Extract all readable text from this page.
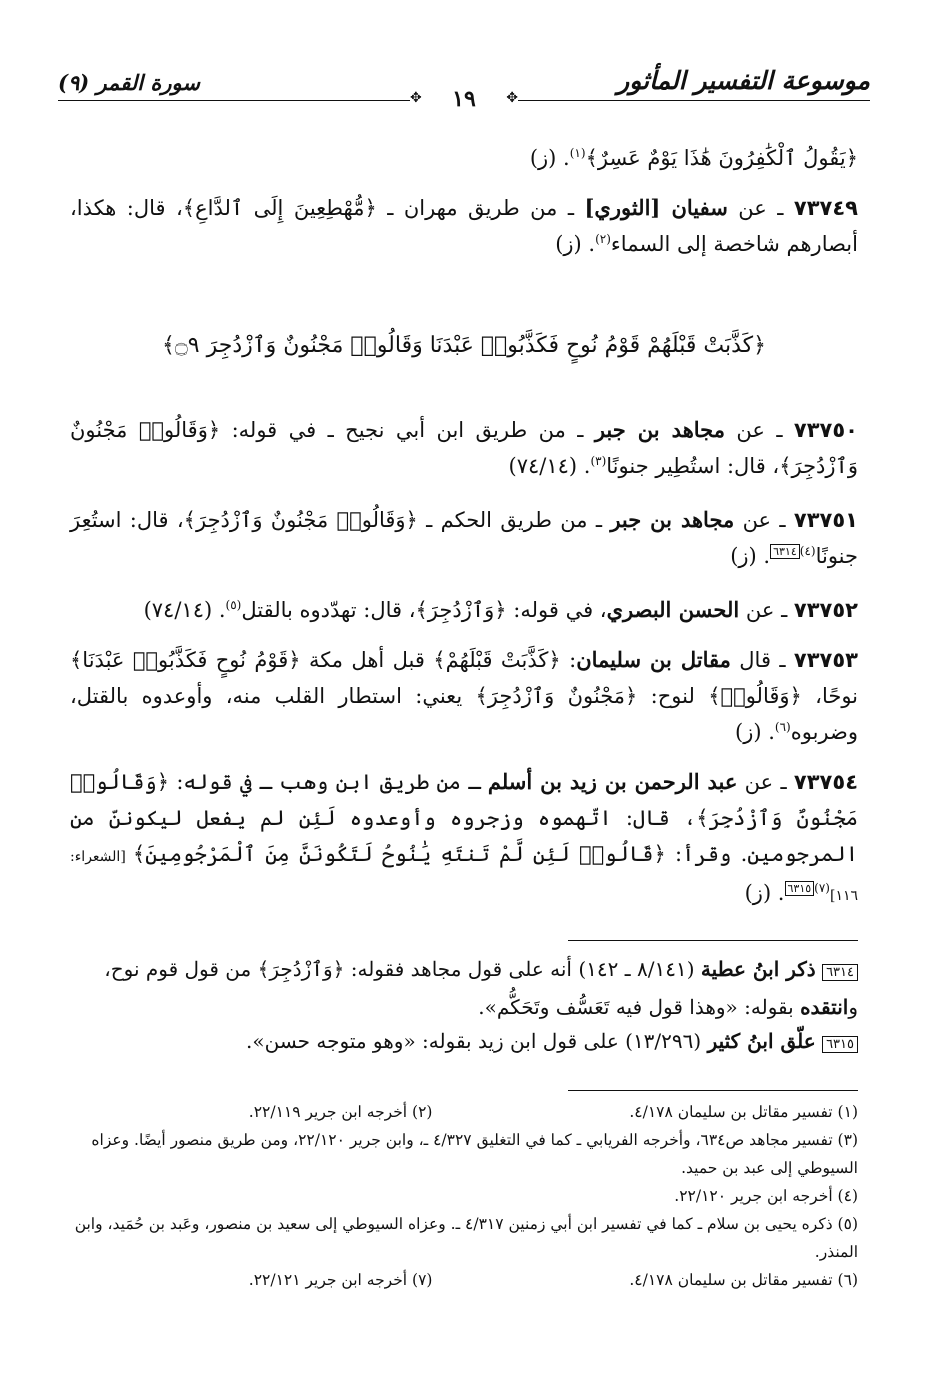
موسوعة التفسير المأثور
سورة القمر (٩)
✥	✥
١٩

﴿يَقُولُ ٱلْكَٰفِرُونَ هَٰذَا يَوْمٌ عَسِرٌ﴾$^{(١)}$. (ز)

٧٣٧٤٩ ـ عن سفيان [الثوري] ـ من طريق مهران ـ ﴿مُّهْطِعِينَ إِلَى ٱلدَّاعِ﴾، قال: هكذا، أبصارهم شاخصة إلى السماء$^{(٢)}$. (ز)

﴿كَذَّبَتْ قَبْلَهُمْ قَوْمُ نُوحٍ فَكَذَّبُوا۟ عَبْدَنَا وَقَالُوا۟ مَجْنُونٌ وَٱزْدُجِرَ ۝٩﴾

٧٣٧٥٠ ـ عن مجاهد بن جبر ـ من طريق ابن أبي نجيح ـ في قوله: ﴿وَقَالُوا۟ مَجْنُونٌ وَٱزْدُجِرَ﴾، قال: استُطِير جنونًا$^{(٣)}$. (٧٤/١٤)

٧٣٧٥١ ـ عن مجاهد بن جبر ـ من طريق الحكم ـ ﴿وَقَالُوا۟ مَجْنُونٌ وَٱزْدُجِرَ﴾، قال: استُعِرَ جنونًا$^{(٤)٦٣١٤}$. (ز)

٧٣٧٥٢ ـ عن الحسن البصري، في قوله: ﴿وَٱزْدُجِرَ﴾، قال: تهدّدوه بالقتل$^{(٥)}$. (٧٤/١٤)

٧٣٧٥٣ ـ قال مقاتل بن سليمان: ﴿كَذَّبَتْ قَبْلَهُمْ﴾ قبل أهل مكة ﴿قَوْمُ نُوحٍ فَكَذَّبُوا۟ عَبْدَنَا﴾ نوحًا، ﴿وَقَالُوا۟﴾ لنوح: ﴿مَجْنُونٌ وَٱزْدُجِرَ﴾ يعني: استطار القلب منه، وأوعدوه بالقتل، وضربوه$^{(٦)}$. (ز)

٧٣٧٥٤ ـ عن عبد الرحمن بن زيد بن أسلم ـ من طريق ابن وهب ـ في قوله: ﴿وَقَالُوا۟ مَجْنُونٌ وَٱزْدُجِرَ﴾، قال: اتّهموه وزجروه وأوعدوه لَئِن لم يفعل ليكوننّ من المرجومين. وقرأ: ﴿قَالُوا۟ لَئِن لَّمْ تَنتَهِ يَٰنُوحُ لَتَكُونَنَّ مِنَ ٱلْمَرْجُومِينَ﴾ [الشعراء: ١١٦]$^{(٧)٦٣١٥}$. (ز)

٦٣١٤ ذكر ابنُ عطية (٨/١٤١ ـ ١٤٢) أنه على قول مجاهد فقوله: ﴿وَٱزْدُجِرَ﴾ من قول قوم نوح، وانتقده بقوله: «وهذا قول فيه تَعَسُّف وتَحَكُّم».

٦٣١٥ علّق ابنُ كثير (١٣/٢٩٦) على قول ابن زيد بقوله: «وهو متوجه حسن».

(١) تفسير مقاتل بن سليمان ٤/١٧٨.
(٢) أخرجه ابن جرير ٢٢/١١٩.

(٣) تفسير مجاهد ص٦٣٤، وأخرجه الفريابي ـ كما في التغليق ٤/٣٢٧ ـ، وابن جرير ٢٢/١٢٠، ومن طريق منصور أيضًا. وعزاه السيوطي إلى عبد بن حميد.

(٤) أخرجه ابن جرير ٢٢/١٢٠.

(٥) ذكره يحيى بن سلام ـ كما في تفسير ابن أبي زمنين ٤/٣١٧ ـ. وعزاه السيوطي إلى سعيد بن منصور، وعَبد بن حُمَيد، وابن المنذر.

(٦) تفسير مقاتل بن سليمان ٤/١٧٨.
(٧) أخرجه ابن جرير ٢٢/١٢١.
